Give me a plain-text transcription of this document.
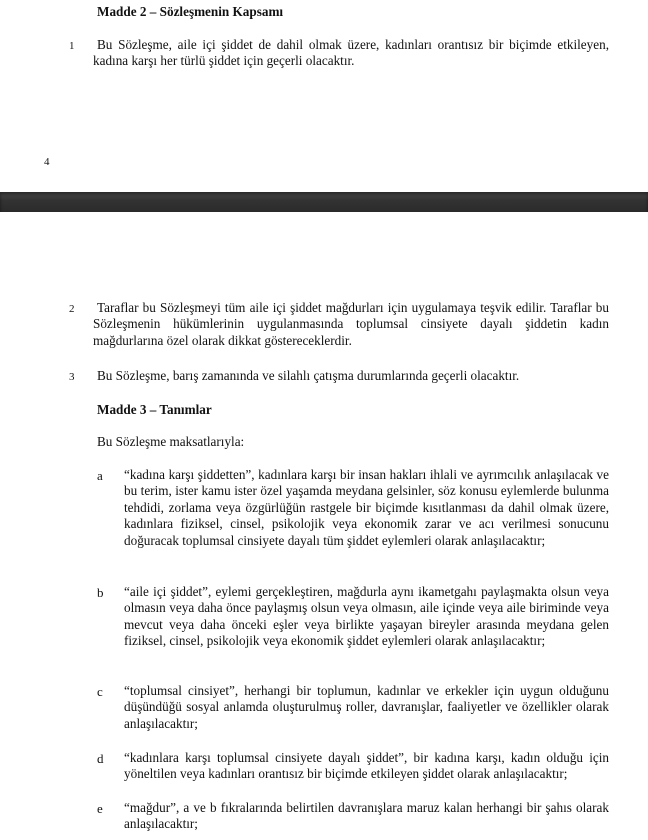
Madde 2 – Sözleşmenin Kapsamı
1	Bu Sözleşme, aile içi şiddet de dahil olmak üzere, kadınları orantısız bir biçimde etkileyen, kadına karşı her türlü şiddet için geçerli olacaktır.
4
2	Taraflar bu Sözleşmeyi tüm aile içi şiddet mağdurları için uygulamaya teşvik edilir. Taraflar bu Sözleşmenin hükümlerinin uygulanmasında toplumsal cinsiyete dayalı şiddetin kadın mağdurlarına özel olarak dikkat göstereceklerdir.
3	Bu Sözleşme, barış zamanında ve silahlı çatışma durumlarında geçerli olacaktır.
Madde 3 – Tanımlar
Bu Sözleşme maksatlarıyla:
a “kadına karşı şiddetten”, kadınlara karşı bir insan hakları ihlali ve ayrımcılık anlaşılacak ve bu terim, ister kamu ister özel yaşamda meydana gelsinler, söz konusu eylemlerde bulunma tehdidi, zorlama veya özgürlüğün rastgele bir biçimde kısıtlanması da dahil olmak üzere, kadınlara fiziksel, cinsel, psikolojik veya ekonomik zarar ve acı verilmesi sonucunu doğuracak toplumsal cinsiyete dayalı tüm şiddet eylemleri olarak anlaşılacaktır;
b “aile içi şiddet”, eylemi gerçekleştiren, mağdurla aynı ikametgahı paylaşmakta olsun veya olmasın veya daha önce paylaşmış olsun veya olmasın, aile içinde veya aile biriminde veya mevcut veya daha önceki eşler veya birlikte yaşayan bireyler arasında meydana gelen fiziksel, cinsel, psikolojik veya ekonomik şiddet eylemleri olarak anlaşılacaktır;
c “toplumsal cinsiyet”, herhangi bir toplumun, kadınlar ve erkekler için uygun olduğunu düşündüğü sosyal anlamda oluşturulmuş roller, davranışlar, faaliyetler ve özellikler olarak anlaşılacaktır;
d “kadınlara karşı toplumsal cinsiyete dayalı şiddet”, bir kadına karşı, kadın olduğu için yöneltilen veya kadınları orantısız bir biçimde etkileyen şiddet olarak anlaşılacaktır;
e “mağdur”, a ve b fıkralarında belirtilen davranışlara maruz kalan herhangi bir şahıs olarak anlaşılacaktır;
